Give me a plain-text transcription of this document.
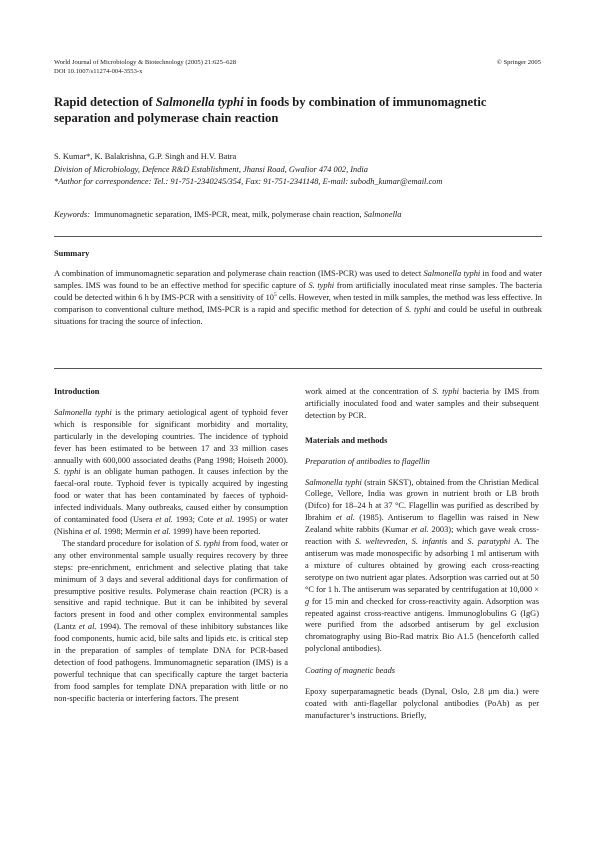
World Journal of Microbiology & Biotechnology (2005) 21:625–628
DOI 10.1007/s11274-004-3553-x
© Springer 2005
Rapid detection of Salmonella typhi in foods by combination of immunomagnetic separation and polymerase chain reaction
S. Kumar*, K. Balakrishna, G.P. Singh and H.V. Batra
Division of Microbiology, Defence R&D Establishment, Jhansi Road, Gwalior 474 002, India
*Author for correspondence: Tel.: 91-751-2340245/354, Fax: 91-751-2341148, E-mail: subodh_kumar@email.com
Keywords: Immunomagnetic separation, IMS-PCR, meat, milk, polymerase chain reaction, Salmonella
Summary

A combination of immunomagnetic separation and polymerase chain reaction (IMS-PCR) was used to detect Salmonella typhi in food and water samples. IMS was found to be an effective method for specific capture of S. typhi from artificially inoculated meat rinse samples. The bacteria could be detected within 6 h by IMS-PCR with a sensitivity of $10^5$ cells. However, when tested in milk samples, the method was less effective. In comparison to conventional culture method, IMS-PCR is a rapid and specific method for detection of S. typhi and could be useful in outbreak situations for tracing the source of infection.

Introduction

Salmonella typhi is the primary aetiological agent of typhoid fever which is responsible for significant morbidity and mortality, particularly in the developing countries. The incidence of typhoid fever has been estimated to be between 17 and 33 million cases annually with 600,000 associated deaths (Pang 1998; Hoiseth 2000). S. typhi is an obligate human pathogen. It causes infection by the faecal-oral route. Typhoid fever is typically acquired by ingesting food or water that has been contaminated by faeces of typhoid-infected individuals. Many outbreaks, caused either by consumption of contaminated food (Usera et al. 1993; Cote et al. 1995) or water (Nishina et al. 1998; Mermin et al. 1999) have been reported.

The standard procedure for isolation of S. typhi from food, water or any other environmental sample usually requires recovery by three steps: pre-enrichment, enrichment and selective plating that take minimum of 3 days and several additional days for confirmation of presumptive positive results. Polymerase chain reaction (PCR) is a sensitive and rapid technique. But it can be inhibited by several factors present in food and other complex environmental samples (Lantz et al. 1994). The removal of these inhibitory substances like food components, humic acid, bile salts and lipids etc. is critical step in the preparation of samples of template DNA for PCR-based detection of food pathogens. Immunomagnetic separation (IMS) is a powerful technique that can specifically capture the target bacteria from food samples for template DNA preparation with little or no non-specific bacteria or interfering factors. The present

work aimed at the concentration of S. typhi bacteria by IMS from artificially inoculated food and water samples and their subsequent detection by PCR.

Materials and methods
Preparation of antibodies to flagellin

Salmonella typhi (strain SKST), obtained from the Christian Medical College, Vellore, India was grown in nutrient broth or LB broth (Difco) for 18–24 h at 37 °C. Flagellin was purified as described by Ibrahim et al. (1985). Antiserum to flagellin was raised in New Zealand white rabbits (Kumar et al. 2003); which gave weak cross-reaction with S. weltevreden, S. infantis and S. paratyphi A. The antiserum was made monospecific by adsorbing 1 ml antiserum with a mixture of cultures obtained by growing each cross-reacting serotype on two nutrient agar plates. Adsorption was carried out at 50 °C for 1 h. The antiserum was separated by centrifugation at 10,000 × g for 15 min and checked for cross-reactivity again. Adsorption was repeated against cross-reactive antigens. Immunoglobulins G (IgG) were purified from the adsorbed antiserum by gel exclusion chromatography using Bio-Rad matrix Bio A1.5 (henceforth called polyclonal antibodies).

Coating of magnetic beads

Epoxy superparamagnetic beads (Dynal, Oslo, 2.8 μm dia.) were coated with anti-flagellar polyclonal antibodies (PoAb) as per manufacturer’s instructions. Briefly,
